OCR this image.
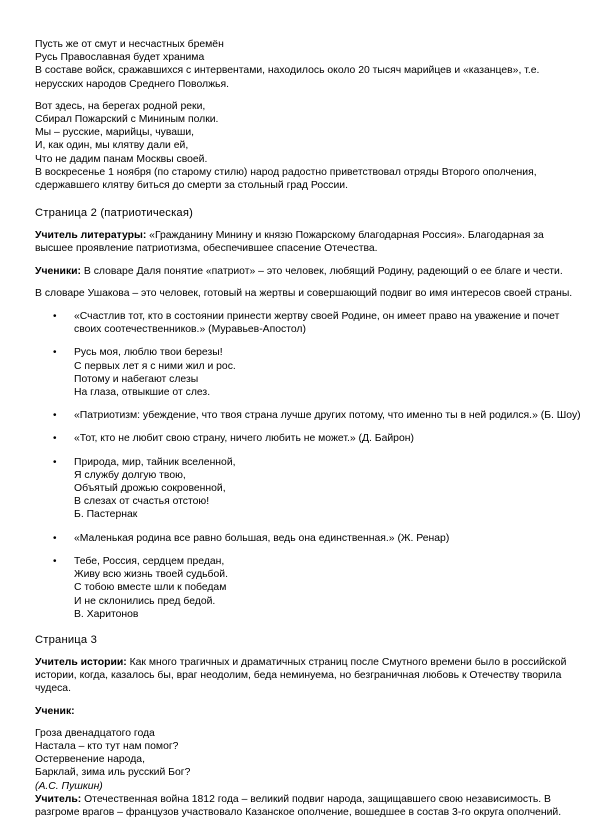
Пусть же от смут и несчастных бремён

Русь Православная будет хранима

В составе войск, сражавшихся с интервентами, находилось около 20 тысяч марийцев и «казанцев», т.е.

нерусских народов Среднего Поволжья.

Вот здесь, на берегах родной реки,

Сбирал Пожарский с Мининым полки.

Мы – русские, марийцы, чуваши,

И, как один, мы клятву дали ей,

Что не дадим панам Москвы своей.

В воскресенье 1 ноября (по старому стилю) народ радостно приветствовал отряды Второго ополчения,

сдержавшего клятву биться до смерти за стольный град России.

Страница 2 (патриотическая)

Учитель литературы: «Гражданину Минину и князю Пожарскому благодарная Россия». Благодарная за высшее проявление патриотизма, обеспечившее спасение Отечества.

Ученики: В словаре Даля понятие «патриот» – это человек, любящий Родину, радеющий о ее благе и чести.

В словаре Ушакова – это человек, готовый на жертвы и совершающий подвиг во имя интересов своей страны.

• «Счастлив тот, кто в состоянии принести жертву своей Родине, он имеет право на уважение и почет

своих соотечественников.» (Муравьев-Апостол)

• Русь моя, люблю твои березы!

С первых лет я с ними жил и рос.

Потому и набегают слезы

На глаза, отвыкшие от слез.

• «Патриотизм: убеждение, что твоя страна лучше других потому, что именно ты в ней родился.» (Б. Шоу)

• «Тот, кто не любит свою страну, ничего любить не может.» (Д. Байрон)

• Природа, мир, тайник вселенной,

Я службу долгую твою,

Объятый дрожью сокровенной,

В слезах от счастья отстою!

Б. Пастернак

• «Маленькая родина все равно большая, ведь она единственная.» (Ж. Ренар)

• Тебе, Россия, сердцем предан,

Живу всю жизнь твоей судьбой.

С тобою вместе шли к победам

И не склонились пред бедой.

В. Харитонов

Страница 3

Учитель истории: Как много трагичных и драматичных страниц после Смутного времени было в российской истории, когда, казалось бы, враг неодолим, беда неминуема, но безграничная любовь к Отечеству творила чудеса.

Ученик:

Гроза двенадцатого года

Настала – кто тут нам помог?

Остервенение народа,

Барклай, зима иль русский Бог?

(А.С. Пушкин)

Учитель: Отечественная война 1812 года – великий подвиг народа, защищавшего свою независимость. В разгроме врагов – французов участвовало Казанское ополчение, вошедшее в состав 3-го округа ополчений.
